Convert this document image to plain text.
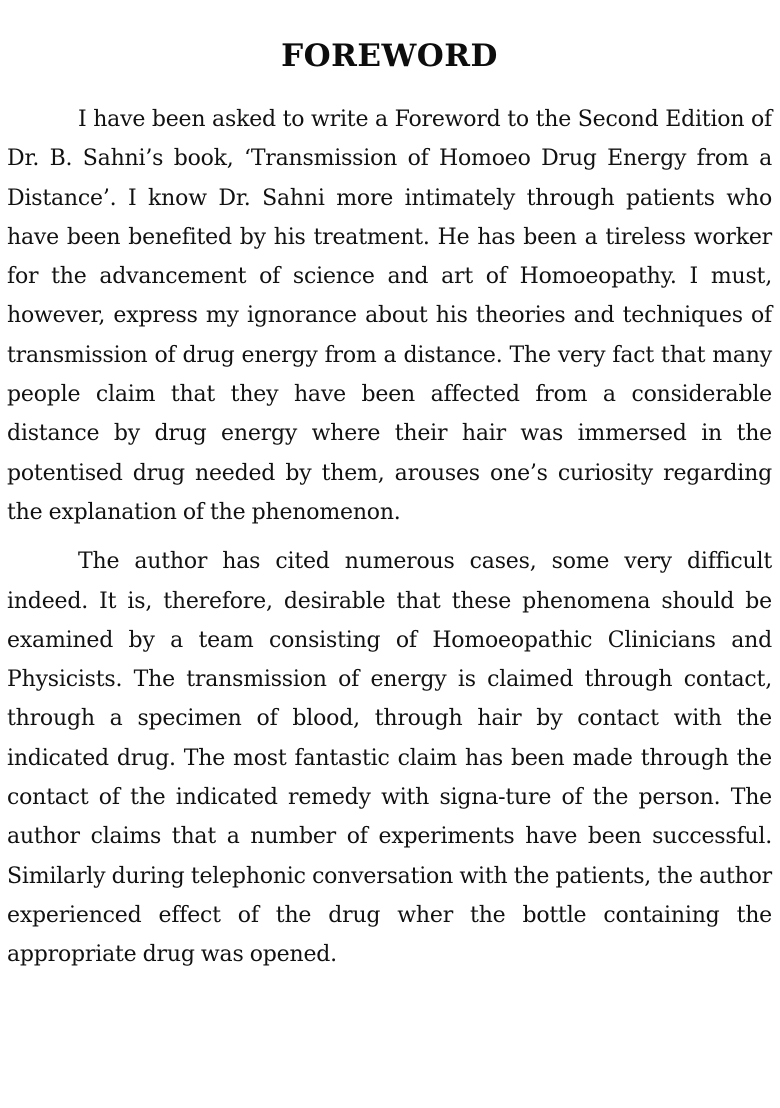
FOREWORD

I have been asked to write a Foreword to the Second Edition of Dr. B. Sahni’s book, ‘Transmission of Homoeo Drug Energy from a Distance’. I know Dr. Sahni more intimately through patients who have been benefited by his treatment. He has been a tireless worker for the advancement of science and art of Homoeopathy. I must, however, express my ignorance about his theories and techniques of transmission of drug energy from a distance. The very fact that many people claim that they have been affected from a considerable distance by drug energy where their hair was immersed in the potentised drug needed by them, arouses one’s curiosity regarding the explanation of the phenomenon.

The author has cited numerous cases, some very difficult indeed. It is, therefore, desirable that these phenomena should be examined by a team consisting of Homoeopathic Clinicians and Physicists. The transmission of energy is claimed through contact, through a specimen of blood, through hair by contact with the indicated drug. The most fantastic claim has been made through the contact of the indicated remedy with signa-ture of the person. The author claims that a number of experiments have been successful. Similarly during telephonic conversation with the patients, the author experienced effect of the drug wher the bottle containing the appropriate drug was opened.
